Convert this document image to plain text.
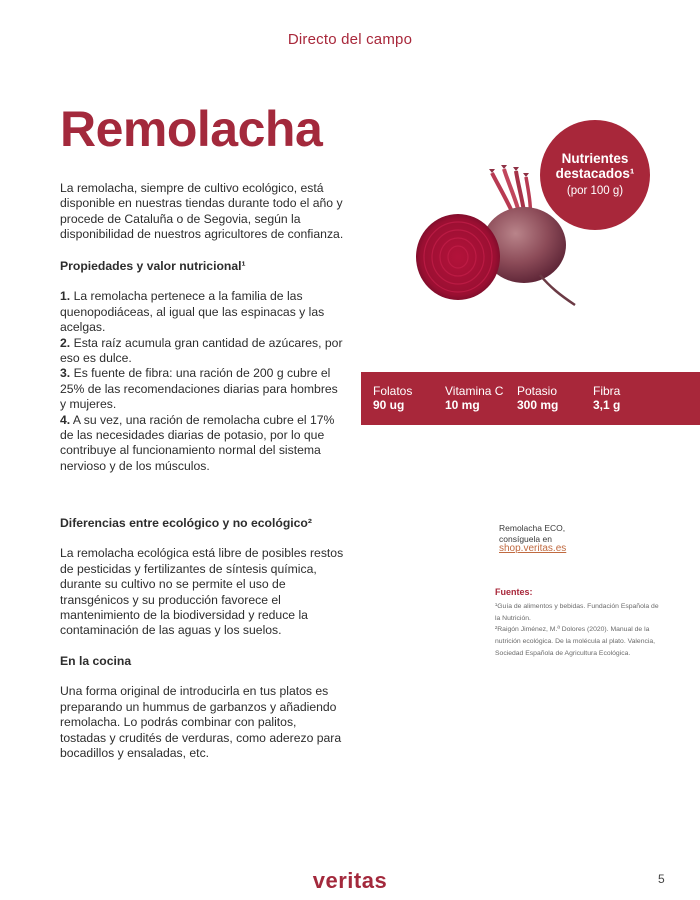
Directo del campo
Remolacha

La remolacha, siempre de cultivo ecológico, está disponible en nuestras tiendas durante todo el año y procede de Cataluña o de Segovia, según la disponibilidad de nuestros agricultores de confianza.

Propiedades y valor nutricional¹

1. La remolacha pertenece a la familia de las quenopodiáceas, al igual que las espinacas y las acelgas.

2. Esta raíz acumula gran cantidad de azúcares, por eso es dulce.

3. Es fuente de fibra: una ración de 200 g cubre el 25% de las recomendaciones diarias para hombres y mujeres.

4. A su vez, una ración de remolacha cubre el 17% de las necesidades diarias de potasio, por lo que contribuye al funcionamiento normal del sistema nervioso y de los músculos.

Diferencias entre ecológico y no ecológico²

La remolacha ecológica está libre de posibles restos de pesticidas y fertilizantes de síntesis química, durante su cultivo no se permite el uso de transgénicos y su producción favorece el mantenimiento de la biodiversidad y reduce la contaminación de las aguas y los suelos.

En la cocina

Una forma original de introducirla en tus platos es preparando un hummus de garbanzos y añadiendo remolacha. Lo podrás combinar con palitos, tostadas y crudités de verduras, como aderezo para bocadillos y ensaladas, etc.

Nutrientes
destacados¹
(por 100 g)
Folatos
90 ug
Vitamina C
10 mg
Potasio
300 mg
Fibra
3,1 g
Remolacha ECO,
consíguela en
shop.veritas.es
Fuentes:
¹Guía de alimentos y bebidas. Fundación Española de
la Nutrición.
²Raigón Jiménez, M.ª Dolores (2020). Manual de la
nutrición ecológica. De la molécula al plato. Valencia,
Sociedad Española de Agricultura Ecológica.
veritas	5
